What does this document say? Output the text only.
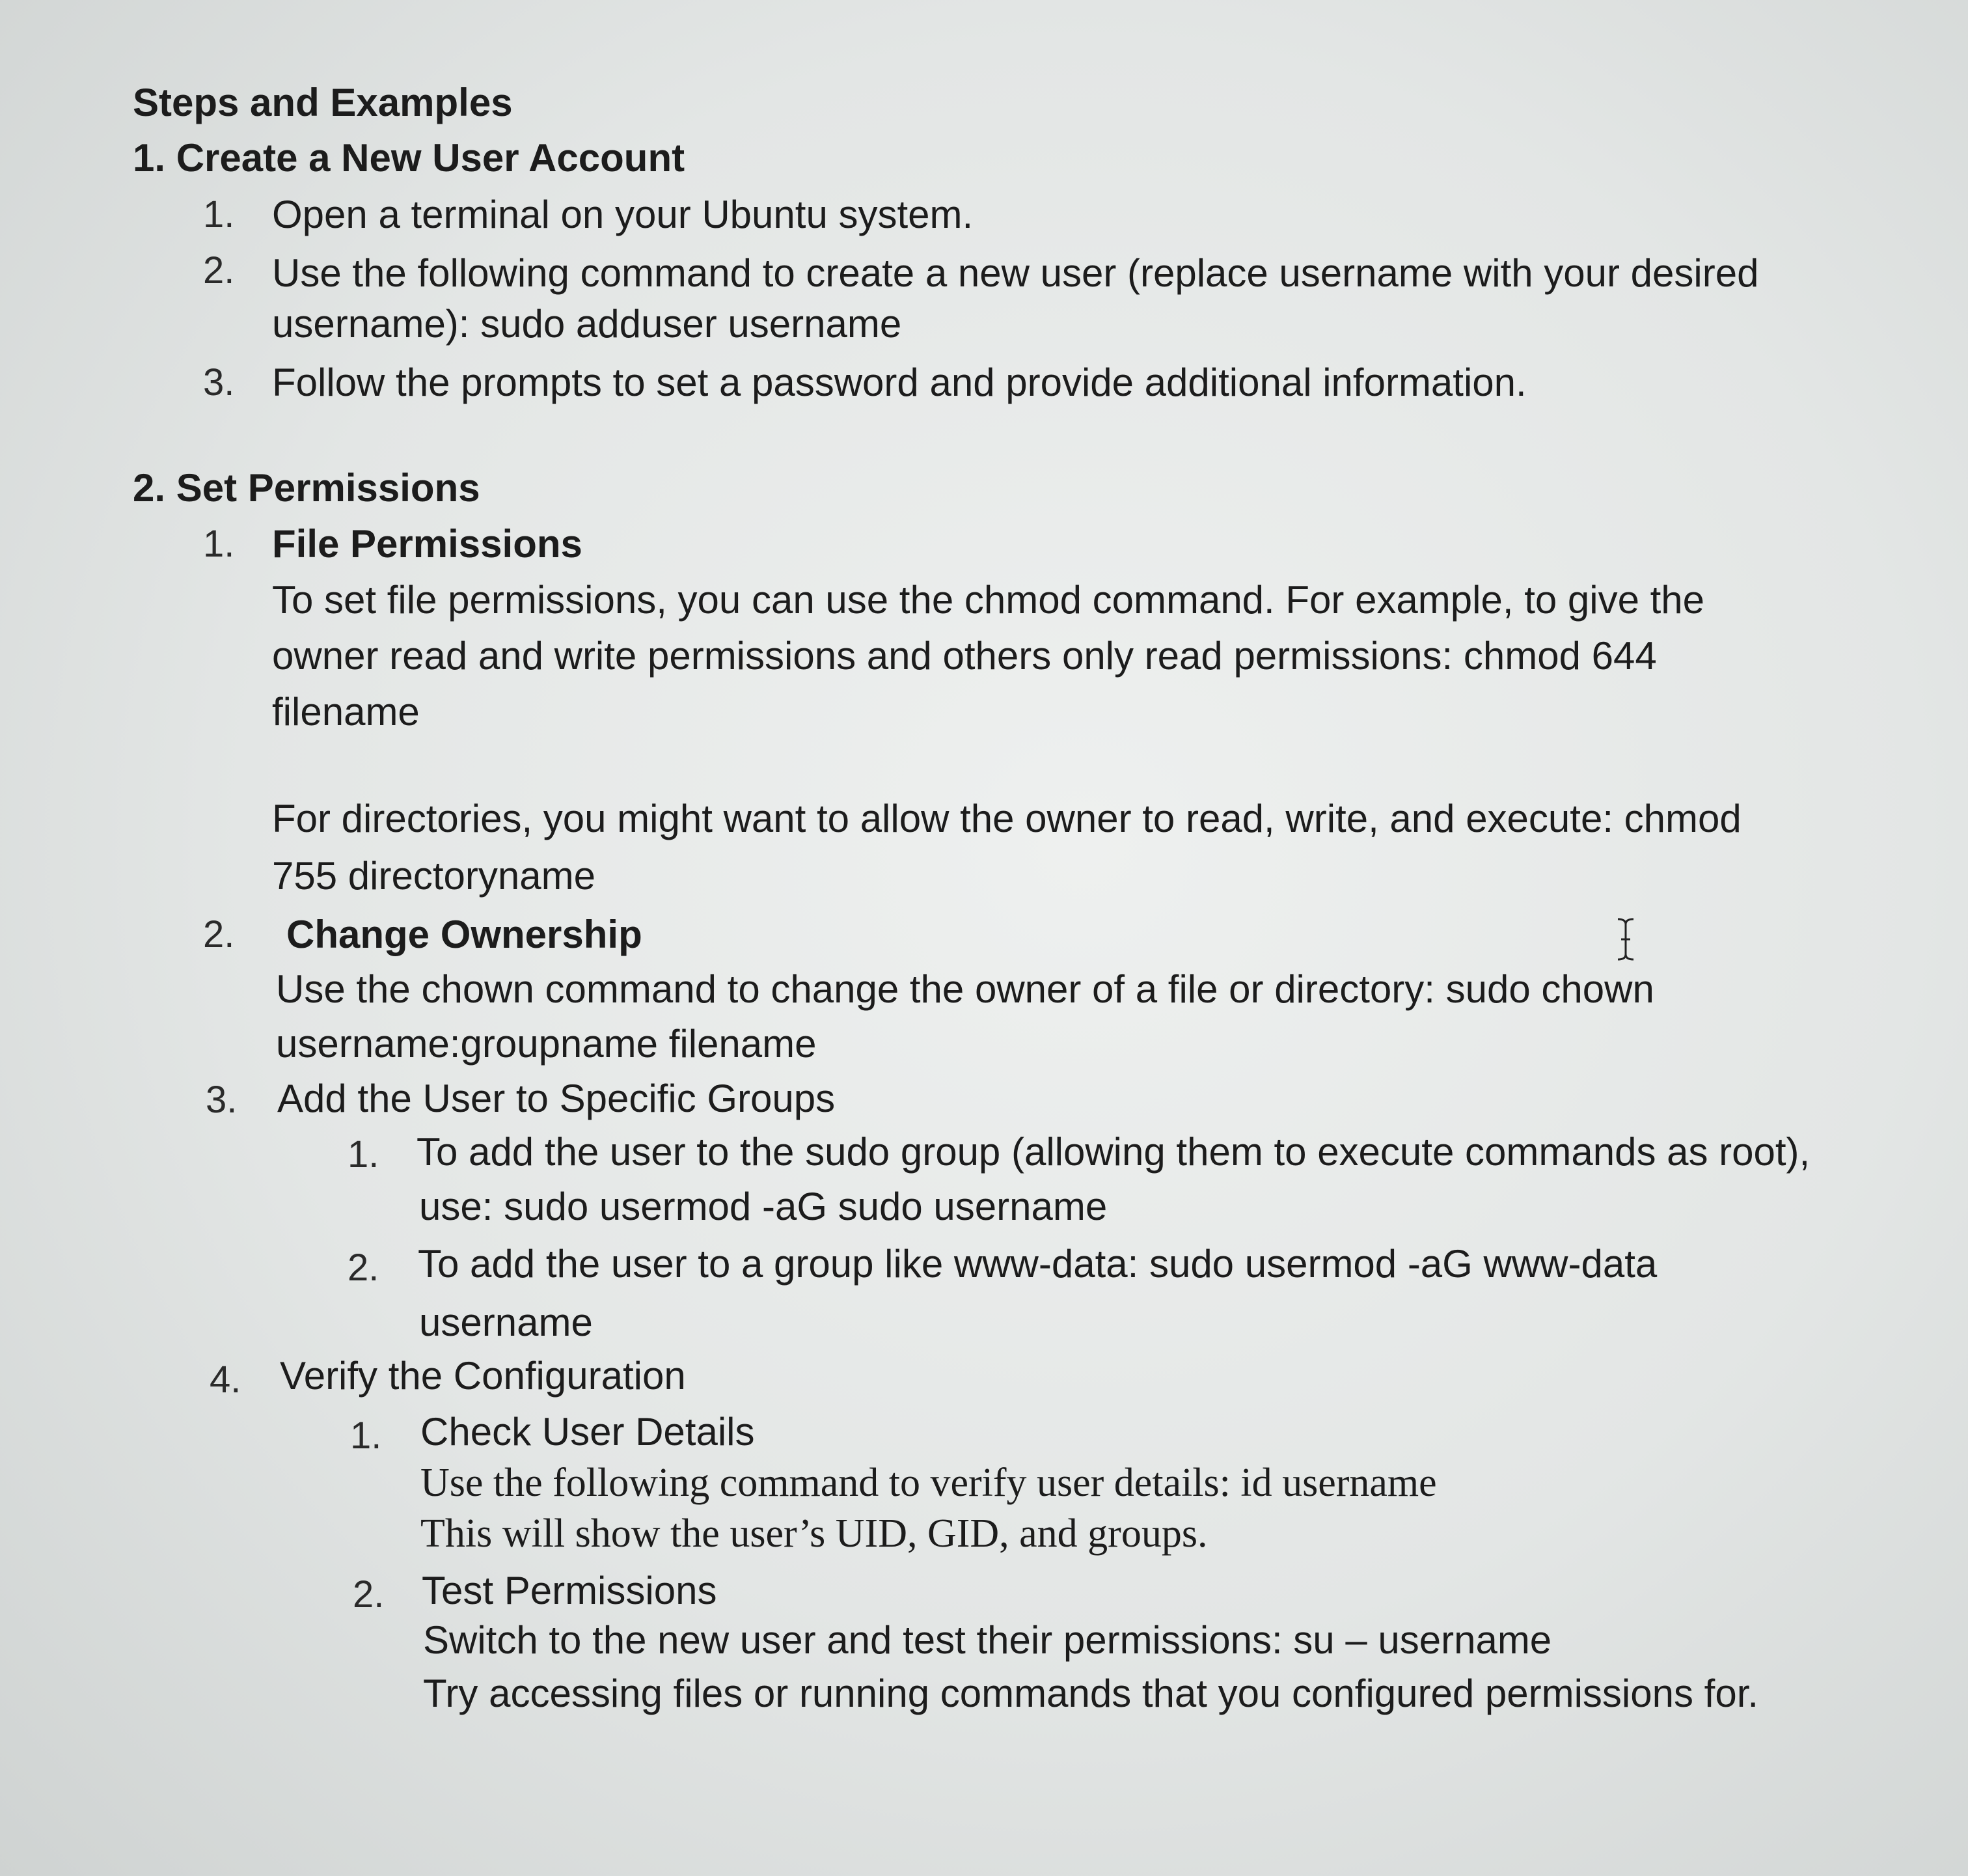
Steps and Examples
1. Create a New User Account
1. Open a terminal on your Ubuntu system.
2. Use the following command to create a new user (replace username with your desired
username): sudo adduser username
3. Follow the prompts to set a password and provide additional information.
2. Set Permissions
1. File Permissions
To set file permissions, you can use the chmod command. For example, to give the
owner read and write permissions and others only read permissions: chmod 644
filename
For directories, you might want to allow the owner to read, write, and execute: chmod
755 directoryname
2. Change Ownership
Use the chown command to change the owner of a file or directory: sudo chown
username:groupname filename
3. Add the User to Specific Groups
1. To add the user to the sudo group (allowing them to execute commands as root),
use: sudo usermod -aG sudo username
2. To add the user to a group like www-data: sudo usermod -aG www-data
username
4. Verify the Configuration
1. Check User Details
Use the following command to verify user details: id username
This will show the user’s UID, GID, and groups.
2. Test Permissions
Switch to the new user and test their permissions: su – username
Try accessing files or running commands that you configured permissions for.
